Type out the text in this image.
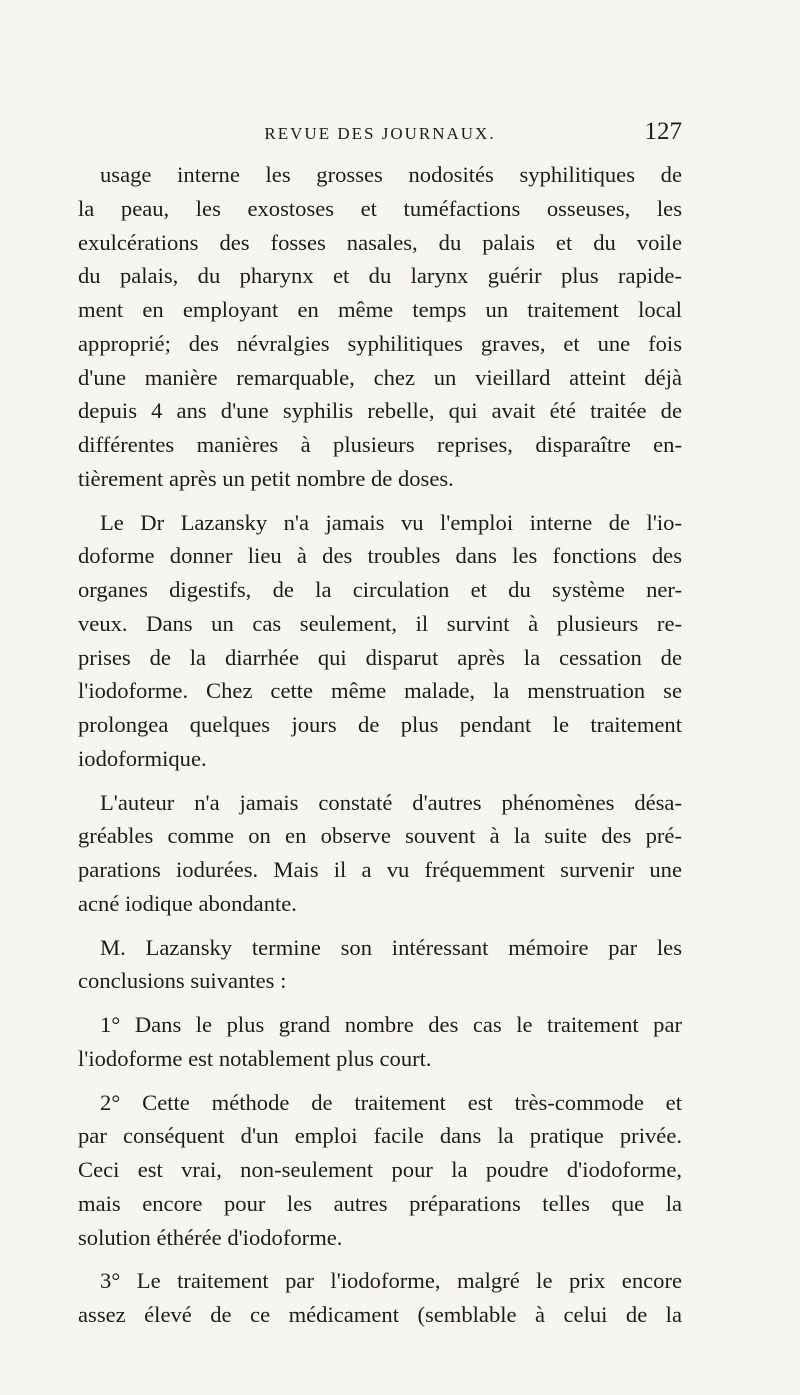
REVUE DES JOURNAUX.	127
usage interne les grosses nodosités syphilitiques de
la peau, les exostoses et tuméfactions osseuses, les
exulcérations des fosses nasales, du palais et du voile
du palais, du pharynx et du larynx guérir plus rapide-
ment en employant en même temps un traitement local
approprié; des névralgies syphilitiques graves, et une fois
d'une manière remarquable, chez un vieillard atteint déjà
depuis 4 ans d'une syphilis rebelle, qui avait été traitée de
différentes manières à plusieurs reprises, disparaître en-
tièrement après un petit nombre de doses.
Le Dr Lazansky n'a jamais vu l'emploi interne de l'io-
doforme donner lieu à des troubles dans les fonctions des
organes digestifs, de la circulation et du système ner-
veux. Dans un cas seulement, il survint à plusieurs re-
prises de la diarrhée qui disparut après la cessation de
l'iodoforme. Chez cette même malade, la menstruation se
prolongea quelques jours de plus pendant le traitement
iodoformique.
L'auteur n'a jamais constaté d'autres phénomènes désa-
gréables comme on en observe souvent à la suite des pré-
parations iodurées. Mais il a vu fréquemment survenir une
acné iodique abondante.
M. Lazansky termine son intéressant mémoire par les
conclusions suivantes :
1° Dans le plus grand nombre des cas le traitement par
l'iodoforme est notablement plus court.
2° Cette méthode de traitement est très-commode et
par conséquent d'un emploi facile dans la pratique privée.
Ceci est vrai, non-seulement pour la poudre d'iodoforme,
mais encore pour les autres préparations telles que la
solution éthérée d'iodoforme.
3° Le traitement par l'iodoforme, malgré le prix encore
assez élevé de ce médicament (semblable à celui de la
